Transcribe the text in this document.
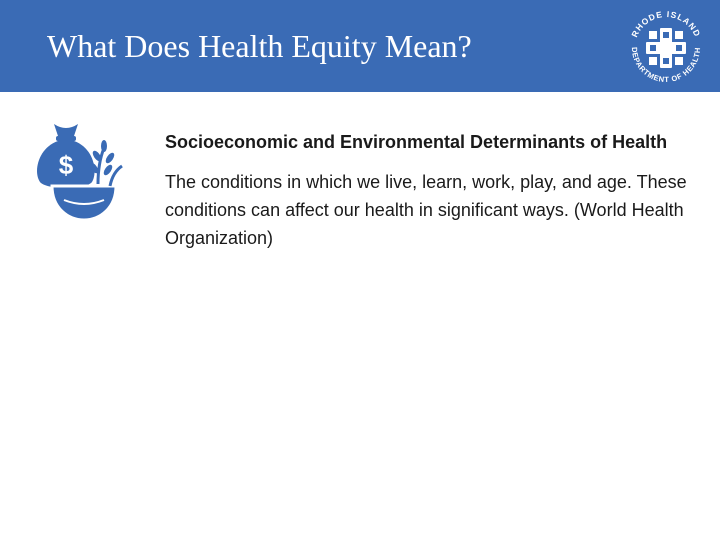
What Does Health Equity Mean?	RHODE ISLAND
DEPARTMENT OF HEALTH
$

Socioeconomic and Environmental Determinants of Health

The conditions in which we live, learn, work, play, and age. These conditions can affect our health in significant ways. (World Health Organization)
